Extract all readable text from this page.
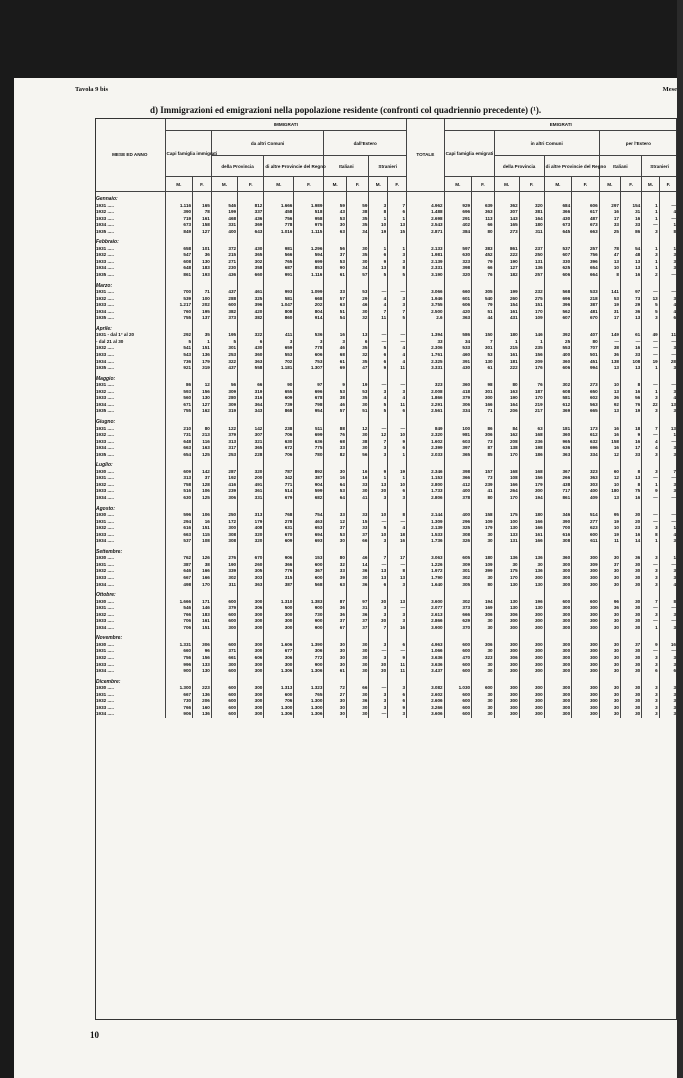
Tavola 9 bis	Mese
d) Immigrazioni ed emigrazioni nella popolazione residente (confronti col quadriennio precedente) (¹).
MESE ED ANNO	IMMIGRATI										TOTALE	EMIGRATI									
	Capi famiglia immigrati		da altri Comuni				dall'Estero					Capi famiglia emigrati		in altri Comuni				per l'Estero			
			della Provincia		di altre Provincie del Regno		Italiani		Stranieri					della Provincia		di altre Provincie del Regno		Italiani		Stranieri	
	M.	F.	M.	F.	M.	F.	M.	F.	M.	F.		M.	F.	M.	F.	M.	F.	M.	F.	M.	F.

Gennaio:																					
1931 .....	1.116	165	546	812	1.666	1.989	59	59	3	7	4.962	929	639	362	320	684	606	297	154	1	—
1932 .....	390	78	199	337	458	518	43	38	8	6	1.488	696	363	307	381	366	617	16	31	1	4
1933 .....	719	161	468	436	756	958	53	35	1	1	2.698	291	113	143	164	430	487	17	16	1	—
1934 .....	673	158	331	369	778	975	30	35	10	13	2.543	402	66	165	180	673	673	33	33	—	1
1935 .....	849	127	400	643	1.016	1.115	63	34	19	15	2.871	384	80	273	311	645	663	25	86	3	8

Febbraio:																					
1931 .....	658	101	372	430	981	1.296	56	30	1	1	2.133	597	383	861	237	537	257	78	54	1	1
1932 .....	547	36	215	365	566	594	37	35	6	3	1.981	630	452	222	250	607	756	47	48	3	3
1933 .....	608	130	271	302	765	699	53	30	9	3	2.139	323	79	190	131	330	396	13	13	1	3
1934 .....	648	183	230	358	687	853	90	34	13	8	2.331	398	66	127	136	625	654	10	13	1	3
1935 .....	861	193	436	660	991	1.116	61	57	5	5	3.190	320	76	182	257	606	664	8	16	2	—

Marzo:																					
1931 .....	700	71	437	461	993	1.099	33	53	—	—	3.066	660	305	199	232	568	533	141	97	—	—
1932 .....	539	100	288	325	581	668	57	29	4	3	1.946	601	540	260	275	696	218	53	73	13	3
1933 .....	1.217	202	600	396	1.047	202	63	46	4	3	3.755	606	79	154	151	396	387	19	29	5	4
1934 .....	760	195	382	420	808	804	51	30	7	7	2.500	420	51	161	170	562	481	31	36	5	4
1935 .....	755	137	373	382	860	914	54	32	11	5	2.6	363	44	431	109	607	670	17	13	3	6

Aprile:																					
1931 - dal 1° al 20	292	35	195	322	411	536	16	13	—	—	1.394	586	150	180	146	392	407	149	61	49	11
- dal 21 al 30	5	1	5	6	3	3	3	6	—	—	33	34	7	1	1	25	80	—	—	—	—
1932 .....	541	151	301	430	659	778	46	35	5	4	2.306	533	301	215	235	553	707	38	16	—	3
1933 .....	543	136	253	360	553	606	68	32	6	4	1.761	460	53	161	156	400	501	36	33	—	—
1934 .....	736	179	322	363	702	753	61	35	6	4	2.325	391	130	181	209	360	451	138	108	19	28
1935 .....	921	319	437	558	1.181	1.307	69	47	9	11	3.331	430	61	222	176	606	994	13	13	1	3

Maggio:																					
1931 .....	86	12	56	66	90	97	9	19	—	—	323	360	98	80	76	302	273	10	8	—	—
1932 .....	593	156	309	319	655	696	53	53	3	3	2.008	418	301	163	187	608	650	13	16	1	3
1933 .....	560	130	280	316	609	678	38	35	4	4	1.866	379	300	190	170	581	602	36	56	3	4
1934 .....	671	127	309	364	739	798	46	30	5	11	2.291	306	166	164	219	612	563	92	76	22	13
1935 .....	755	162	319	343	868	954	57	51	5	6	2.561	334	71	206	217	369	665	13	19	3	3

Giugno:																					
1931 .....	210	80	122	142	238	511	88	12	—	—	849	100	86	84	63	181	173	16	18	7	13
1932 .....	731	213	379	307	706	699	76	30	12	10	2.320	981	306	162	168	360	612	16	9	—	1
1933 .....	648	116	313	321	630	636	68	38	7	9	1.602	603	73	208	236	965	632	158	16	4	—
1934 .....	663	163	317	365	672	775	33	30	3	6	2.399	397	87	138	198	636	696	16	17	4	3
1935 .....	654	125	253	228	706	780	82	56	3	1	2.033	365	85	170	186	363	334	12	33	3	3

Luglio:																					
1930 .....	609	142	287	320	787	892	30	16	9	19	2.346	398	157	168	168	367	323	60	8	3	7
1931 .....	313	37	192	200	342	387	16	16	1	1	1.153	366	73	108	156	266	363	12	13	—	—
1932 .....	758	128	416	491	771	904	64	33	13	10	2.800	412	239	166	179	438	303	10	8	1	3
1933 .....	516	106	239	361	514	599	53	30	30	6	1.733	400	41	264	300	717	400	180	75	9	3
1934 .....	630	125	306	331	679	682	64	41	3	3	2.806	378	80	170	194	861	409	13	16	—	—

Agosto:																					
1930 .....	596	106	250	313	768	754	33	33	10	8	2.144	400	158	175	180	346	514	95	30	—	—
1931 .....	294	16	172	179	278	463	12	15	—	—	1.309	296	109	100	166	390	277	19	20	—	—
1932 .....	616	151	300	408	631	653	37	33	5	4	2.139	325	179	130	166	700	623	10	23	3	1
1933 .....	663	115	308	320	670	694	53	37	10	18	1.533	308	30	133	161	616	600	19	16	8	4
1934 .....	537	108	308	320	609	693	30	66	3	16	1.736	326	30	131	166	308	611	11	14	1	3

Settembre:																					
1930 .....	762	126	276	670	906	153	80	46	7	17	3.063	605	180	136	136	360	300	30	36	3	1
1931 .....	387	38	190	260	366	600	32	14	—	—	1.226	309	109	30	30	300	309	37	30	—	—
1932 .....	646	166	339	305	776	367	33	36	13	8	1.972	301	399	175	136	300	300	30	30	3	3
1933 .....	667	166	302	303	315	600	39	30	13	13	1.790	302	30	170	300	300	300	30	30	3	3
1934 .....	498	170	311	363	387	568	63	36	6	3	1.640	305	80	130	130	300	300	30	30	3	4

Ottobre:																					
1930 .....	1.666	171	600	300	1.310	1.383	87	97	30	13	3.600	302	194	130	196	600	600	96	30	7	8
1931 .....	546	146	379	306	500	900	36	31	3	—	2.077	373	169	130	130	300	300	36	30	—	—
1932 .....	766	183	600	300	300	730	36	36	3	3	2.613	666	306	306	300	300	300	30	30	3	3
1933 .....	706	161	600	300	300	900	37	37	30	3	2.866	629	30	300	300	300	300	30	30	—	—
1934 .....	706	151	300	300	300	900	67	37	7	16	3.900	370	30	300	300	300	300	30	30	1	3

Novembre:																					
1930 .....	1.331	306	600	300	1.606	1.390	30	30	3	6	4.963	600	306	300	300	300	300	30	37	9	16
1931 .....	660	96	371	300	677	306	30	30	—	—	1.066	600	30	300	300	300	300	30	30	—	—
1932 .....	756	156	661	606	306	772	30	30	3	9	3.636	470	323	306	300	300	300	30	30	3	3
1933 .....	996	133	300	300	300	900	30	30	30	11	3.636	600	30	300	300	300	300	30	30	3	3
1934 .....	900	130	600	300	1.306	1.306	61	30	30	11	3.437	600	30	300	300	300	300	30	30	6	6

Dicembre:																					
1930 .....	1.300	223	600	300	1.313	1.323	72	66	—	3	3.082	1.030	600	300	300	300	300	30	30	3	3
1931 .....	667	136	600	300	600	765	27	30	3	6	2.602	600	30	300	300	300	300	30	30	3	3
1932 .....	730	206	600	300	706	1.300	30	36	3	6	2.606	600	30	300	300	300	300	30	30	3	3
1933 .....	766	160	600	300	1.300	1.300	30	30	3	9	3.266	600	30	300	300	300	300	30	30	3	3
1934 .....	906	136	600	300	1.306	1.306	30	30	—	3	3.606	600	30	300	300	300	300	30	30	3	3
10
